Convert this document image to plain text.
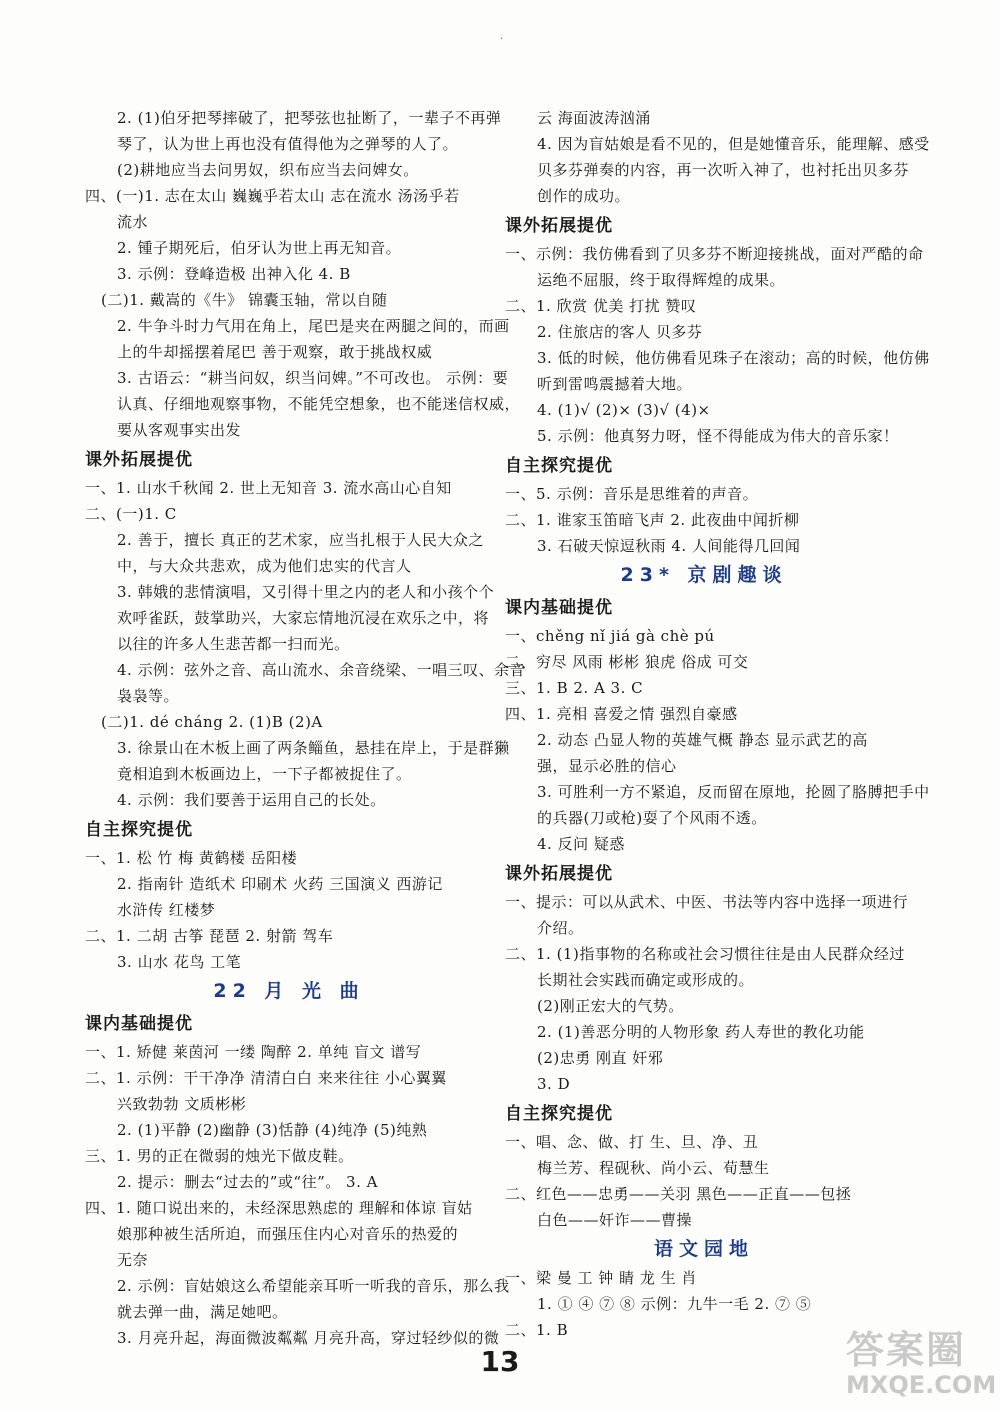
·
2. (1)伯牙把琴摔破了，把琴弦也扯断了，一辈子不再弹
琴了，认为世上再也没有值得他为之弹琴的人了。
(2)耕地应当去问男奴，织布应当去问婢女。
四、(一)1. 志在太山 巍巍乎若太山 志在流水 汤汤乎若
流水
2. 锺子期死后，伯牙认为世上再无知音。
3. 示例：登峰造极 出神入化 4. B
(二)1. 戴嵩的《牛》 锦囊玉轴，常以自随
2. 牛争斗时力气用在角上，尾巴是夹在两腿之间的，而画
上的牛却摇摆着尾巴 善于观察，敢于挑战权威
3. 古语云：“耕当问奴，织当问婢。”不可改也。 示例：要
认真、仔细地观察事物，不能凭空想象，也不能迷信权威，
要从客观事实出发
课外拓展提优
一、1. 山水千秋闻 2. 世上无知音 3. 流水高山心自知
二、(一)1. C
2. 善于，擅长 真正的艺术家，应当扎根于人民大众之
中，与大众共悲欢，成为他们忠实的代言人
3. 韩娥的悲情演唱，又引得十里之内的老人和小孩个个
欢呼雀跃，鼓掌助兴，大家忘情地沉浸在欢乐之中，将
以往的许多人生悲苦都一扫而光。
4. 示例：弦外之音、高山流水、余音绕梁、一唱三叹、余音
袅袅等。
(二)1. dé cháng 2. (1)B (2)A
3. 徐景山在木板上画了两条鲻鱼，悬挂在岸上，于是群獭
竟相追到木板画边上，一下子都被捉住了。
4. 示例：我们要善于运用自己的长处。
自主探究提优
一、1. 松 竹 梅 黄鹤楼 岳阳楼
2. 指南针 造纸术 印刷术 火药 三国演义 西游记
水浒传 红楼梦
二、1. 二胡 古筝 琵琶 2. 射箭 驾车
3. 山水 花鸟 工笔
22 月 光 曲
课内基础提优
一、1. 矫健 莱茵河 一缕 陶醉 2. 单纯 盲文 谱写
二、1. 示例：干干净净 清清白白 来来往往 小心翼翼
兴致勃勃 文质彬彬
2. (1)平静 (2)幽静 (3)恬静 (4)纯净 (5)纯熟
三、1. 男的正在微弱的烛光下做皮鞋。
2. 提示：删去“过去的”或“往”。 3. A
四、1. 随口说出来的，未经深思熟虑的 理解和体谅 盲姑
娘那种被生活所迫，而强压住内心对音乐的热爱的
无奈
2. 示例：盲姑娘这么希望能亲耳听一听我的音乐，那么我
就去弹一曲，满足她吧。
3. 月亮升起，海面微波粼粼 月亮升高，穿过轻纱似的微
云 海面波涛汹涌
4. 因为盲姑娘是看不见的，但是她懂音乐，能理解、感受
贝多芬弹奏的内容，再一次听入神了，也衬托出贝多芬
创作的成功。
课外拓展提优
一、示例：我仿佛看到了贝多芬不断迎接挑战，面对严酷的命
运绝不屈服，终于取得辉煌的成果。
二、1. 欣赏 优美 打扰 赞叹
2. 住旅店的客人 贝多芬
3. 低的时候，他仿佛看见珠子在滚动；高的时候，他仿佛
听到雷鸣震撼着大地。
4. (1)√ (2)× (3)√ (4)×
5. 示例：他真努力呀，怪不得能成为伟大的音乐家！
自主探究提优
一、5. 示例：音乐是思维着的声音。
二、1. 谁家玉笛暗飞声 2. 此夜曲中闻折柳
3. 石破天惊逗秋雨 4. 人间能得几回闻
23* 京剧趣谈
课内基础提优
一、chěng nǐ jiá gà chè pú
二、穷尽 风雨 彬彬 狼虎 俗成 可交
三、1. B 2. A 3. C
四、1. 亮相 喜爱之情 强烈自豪感
2. 动态 凸显人物的英雄气概 静态 显示武艺的高
强，显示必胜的信心
3. 可胜利一方不紧追，反而留在原地，抡圆了胳膊把手中
的兵器(刀或枪)耍了个风雨不透。
4. 反问 疑惑
课外拓展提优
一、提示：可以从武术、中医、书法等内容中选择一项进行
介绍。
二、1. (1)指事物的名称或社会习惯往往是由人民群众经过
长期社会实践而确定或形成的。
(2)刚正宏大的气势。
2. (1)善恶分明的人物形象 药人寿世的教化功能
(2)忠勇 刚直 奸邪
3. D
自主探究提优
一、唱、念、做、打 生、旦、净、丑
梅兰芳、程砚秋、尚小云、荀慧生
二、红色——忠勇——关羽 黑色——正直——包拯
白色——奸诈——曹操
语文园地
一、梁 曼 工 钟 睛 龙 生 肖
1. ① ④ ⑦ ⑧ 示例：九牛一毛 2. ⑦ ⑤
二、1. B
13	答案圈
MXQE.COM
